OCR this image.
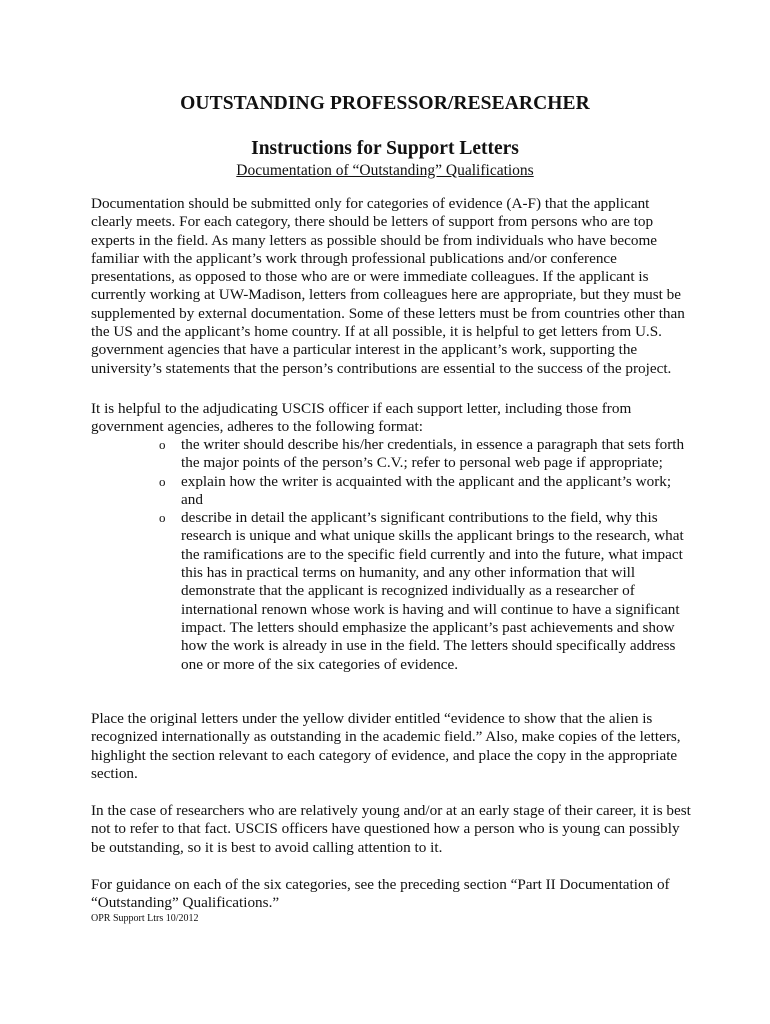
OUTSTANDING PROFESSOR/RESEARCHER
Instructions for Support Letters
Documentation of “Outstanding” Qualifications

Documentation should be submitted only for categories of evidence (A-F) that the applicant clearly meets. For each category, there should be letters of support from persons who are top experts in the field. As many letters as possible should be from individuals who have become familiar with the applicant’s work through professional publications and/or conference presentations, as opposed to those who are or were immediate colleagues. If the applicant is currently working at UW-Madison, letters from colleagues here are appropriate, but they must be supplemented by external documentation. Some of these letters must be from countries other than the US and the applicant’s home country. If at all possible, it is helpful to get letters from U.S. government agencies that have a particular interest in the applicant’s work, supporting the university’s statements that the person’s contributions are essential to the success of the project.

It is helpful to the adjudicating USCIS officer if each support letter, including those from government agencies, adheres to the following format:

o the writer should describe his/her credentials, in essence a paragraph that sets forth the major points of the person’s C.V.; refer to personal web page if appropriate;
o explain how the writer is acquainted with the applicant and the applicant’s work; and
o describe in detail the applicant’s significant contributions to the field, why this research is unique and what unique skills the applicant brings to the research, what the ramifications are to the specific field currently and into the future, what impact this has in practical terms on humanity, and any other information that will demonstrate that the applicant is recognized individually as a researcher of international renown whose work is having and will continue to have a significant impact. The letters should emphasize the applicant’s past achievements and show how the work is already in use in the field. The letters should specifically address one or more of the six categories of evidence.

Place the original letters under the yellow divider entitled “evidence to show that the alien is recognized internationally as outstanding in the academic field.” Also, make copies of the letters, highlight the section relevant to each category of evidence, and place the copy in the appropriate section.

In the case of researchers who are relatively young and/or at an early stage of their career, it is best not to refer to that fact. USCIS officers have questioned how a person who is young can possibly be outstanding, so it is best to avoid calling attention to it.

For guidance on each of the six categories, see the preceding section “Part II Documentation of “Outstanding” Qualifications.”

OPR Support Ltrs 10/2012
